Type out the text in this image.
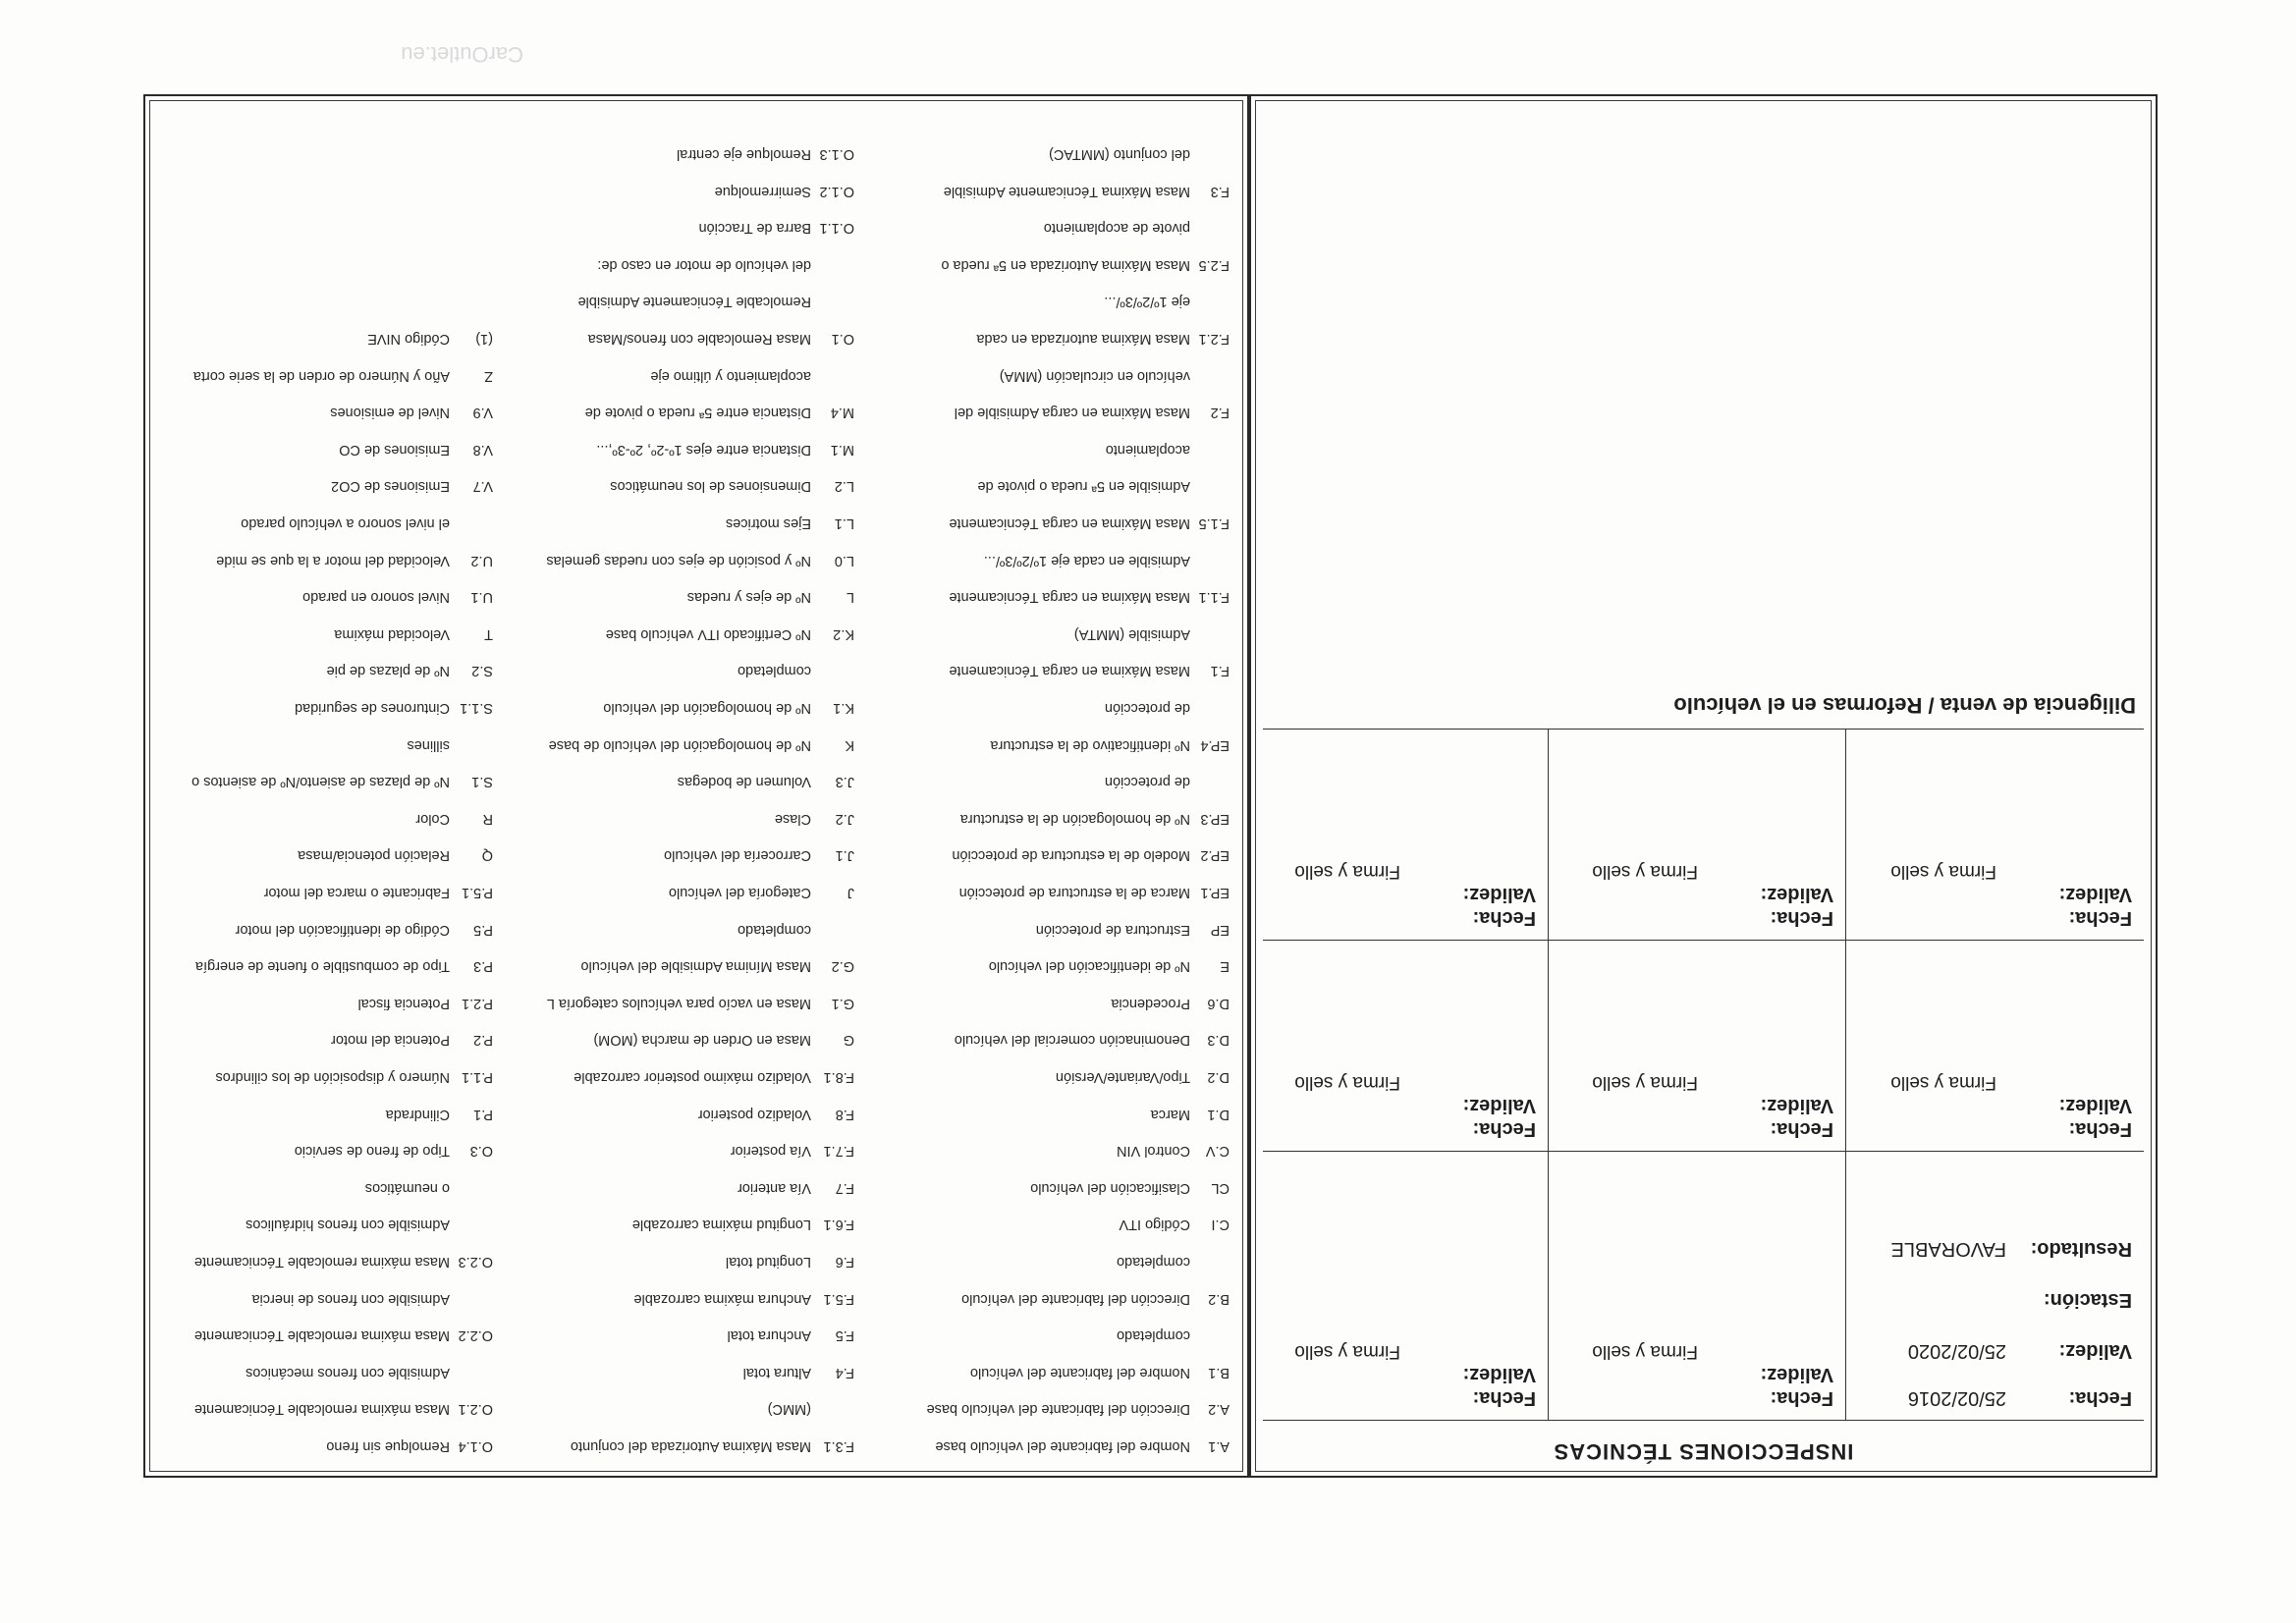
INSPECCIONES TÉCNICAS
Fecha:
25/02/2016
Validez:
25/02/2020
Estación:
Resultado:
FAVORABLE
Fecha:
Validez:
Firma y sello
Fecha:
Validez:
Firma y sello
Fecha:
Validez:
Firma y sello
Fecha:
Validez:
Firma y sello
Fecha:
Validez:
Firma y sello
Fecha:
Validez:
Firma y sello
Fecha:
Validez:
Firma y sello
Fecha:
Validez:
Firma y sello
Diligencia de venta / Reformas en el vehículo
A.1Nombre del fabricante del vehículo base
A.2Dirección del fabricante del vehículo base
B.1Nombre del fabricante del vehículo
completado
B.2Dirección del fabricante del vehículo
completado
C.ICódigo ITV
CLClasificación del vehículo
C.VControl VIN
D.1Marca
D.2Tipo/Variante/Versión
D.3Denominación comercial del vehículo
D.6Procedencia
ENº de identificación del vehículo
EPEstructura de protección
EP.1Marca de la estructura de protección
EP.2Modelo de la estructura de protección
EP.3Nº de homologación de la estructura
de protección
EP.4Nº identificativo de la estructura
de protección
F.1Masa Máxima en carga Técnicamente
Admisible (MMTA)
F.1.1Masa Máxima en carga Técnicamente
Admisible en cada eje 1º/2º/3º/...
F.1.5Masa Máxima en carga Técnicamente
Admisible en 5ª rueda o pivote de
acoplamiento
F.2Masa Máxima en carga Admisible del
vehículo en circulación (MMA)
F.2.1Masa Máxima autorizada en cada
eje 1º/2º/3º/...
F.2.5Masa Máxima Autorizada en 5ª rueda o
pivote de acoplamiento
F.3Masa Máxima Técnicamente Admisible
del conjunto (MMTAC)
F.3.1Masa Máxima Autorizada del conjunto
(MMC)
F.4Altura total
F.5Anchura total
F.5.1Anchura máxima carrozable
F.6Longitud total
F.6.1Longitud máxima carrozable
F.7Vía anterior
F.7.1Vía posterior
F.8Voladizo posterior
F.8.1Voladizo máximo posterior carrozable
GMasa en Orden de marcha (MOM)
G.1Masa en vacío para vehículos categoría L
G.2Masa Mínima Admisible del vehículo
completado
JCategoría del vehículo
J.1Carrocería del vehículo
J.2Clase
J.3Volumen de bodegas
KNº de homologación del vehículo de base
K.1Nº de homologación del vehículo
completado
K.2Nº Certificado ITV vehículo base
LNº de ejes y ruedas
L.0Nº y posición de ejes con ruedas gemelas
L.1Ejes motrices
L.2Dimensiones de los neumáticos
M.1Distancia entre ejes 1º-2º, 2º-3º,...
M.4Distancia entre 5ª rueda o pivote de
acoplamiento y último eje
O.1Masa Remolcable con frenos/Masa
Remolcable Técnicamente Admisible
del vehículo de motor en caso de:
O.1.1Barra de Tracción
O.1.2Semirremolque
O.1.3Remolque eje central
O.1.4Remolque sin freno
O.2.1Masa máxima remolcable Técnicamente
Admisible con frenos mecánicos
O.2.2Masa máxima remolcable Técnicamente
Admisible con frenos de inercia
O.2.3Masa máxima remolcable Técnicamente
Admisible con frenos hidráulicos
o neumáticos
O.3Tipo de freno de servicio
P.1Cilindrada
P.1.1Número y disposición de los cilindros
P.2Potencia del motor
P.2.1Potencia fiscal
P.3Tipo de combustible o fuente de energía
P.5Código de identificación del motor
P.5.1Fabricante o marca del motor
QRelación potencia/masa
RColor
S.1Nº de plazas de asiento/Nº de asientos o
sillines
S.1.1Cinturones de seguridad
S.2Nº de plazas de pie
TVelocidad máxima
U.1Nivel sonoro en parado
U.2Velocidad del motor a la que se mide
el nivel sonoro a vehículo parado
V.7Emisiones de CO2
V.8Emisiones de CO
V.9Nivel de emisiones
ZAño y Número de orden de la serie corta
(1)Código NIVE
CarOutlet.eu
